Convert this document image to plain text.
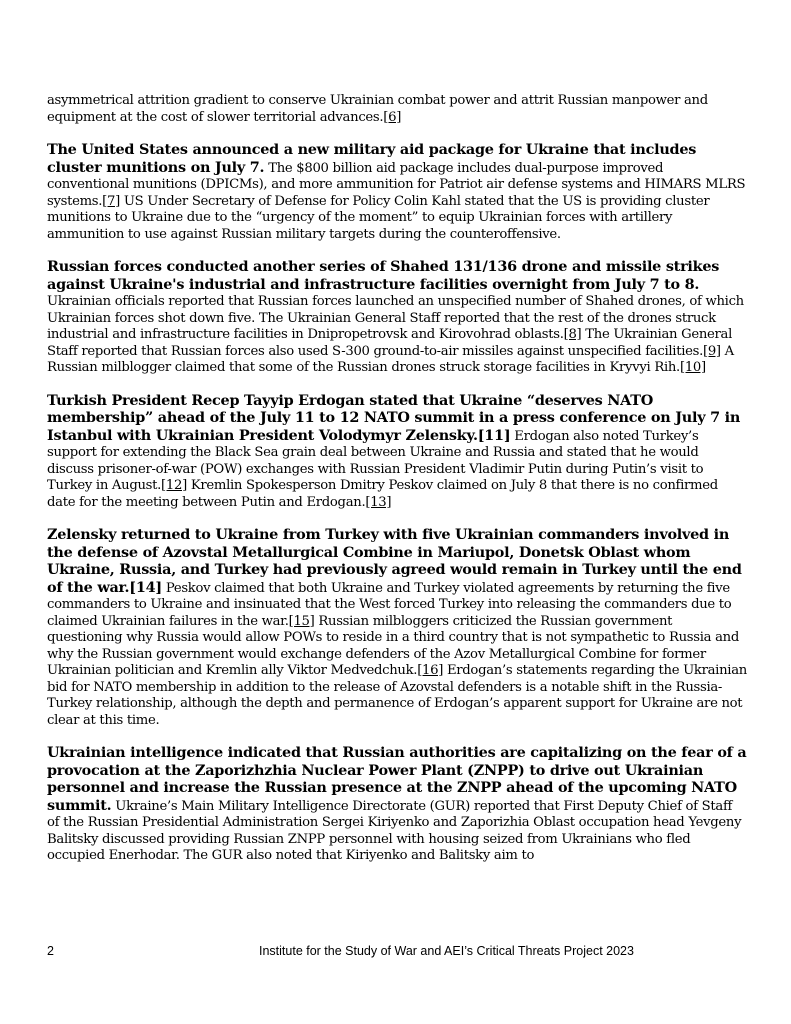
asymmetrical attrition gradient to conserve Ukrainian combat power and attrit Russian manpower and equipment at the cost of slower territorial advances.[6]

The United States announced a new military aid package for Ukraine that includes cluster munitions on July 7. The $800 billion aid package includes dual-purpose improved conventional munitions (DPICMs), and more ammunition for Patriot air defense systems and HIMARS MLRS systems.[7] US Under Secretary of Defense for Policy Colin Kahl stated that the US is providing cluster munitions to Ukraine due to the “urgency of the moment” to equip Ukrainian forces with artillery ammunition to use against Russian military targets during the counteroffensive.

Russian forces conducted another series of Shahed 131/136 drone and missile strikes against Ukraine's industrial and infrastructure facilities overnight from July 7 to 8. Ukrainian officials reported that Russian forces launched an unspecified number of Shahed drones, of which Ukrainian forces shot down five. The Ukrainian General Staff reported that the rest of the drones struck industrial and infrastructure facilities in Dnipropetrovsk and Kirovohrad oblasts.[8] The Ukrainian General Staff reported that Russian forces also used S-300 ground-to-air missiles against unspecified facilities.[9] A Russian milblogger claimed that some of the Russian drones struck storage facilities in Kryvyi Rih.[10]

Turkish President Recep Tayyip Erdogan stated that Ukraine “deserves NATO membership” ahead of the July 11 to 12 NATO summit in a press conference on July 7 in Istanbul with Ukrainian President Volodymyr Zelensky.[11] Erdogan also noted Turkey’s support for extending the Black Sea grain deal between Ukraine and Russia and stated that he would discuss prisoner-of-war (POW) exchanges with Russian President Vladimir Putin during Putin’s visit to Turkey in August.[12] Kremlin Spokesperson Dmitry Peskov claimed on July 8 that there is no confirmed date for the meeting between Putin and Erdogan.[13]

Zelensky returned to Ukraine from Turkey with five Ukrainian commanders involved in the defense of Azovstal Metallurgical Combine in Mariupol, Donetsk Oblast whom Ukraine, Russia, and Turkey had previously agreed would remain in Turkey until the end of the war.[14] Peskov claimed that both Ukraine and Turkey violated agreements by returning the five commanders to Ukraine and insinuated that the West forced Turkey into releasing the commanders due to claimed Ukrainian failures in the war.[15] Russian milbloggers criticized the Russian government questioning why Russia would allow POWs to reside in a third country that is not sympathetic to Russia and why the Russian government would exchange defenders of the Azov Metallurgical Combine for former Ukrainian politician and Kremlin ally Viktor Medvedchuk.[16] Erdogan’s statements regarding the Ukrainian bid for NATO membership in addition to the release of Azovstal defenders is a notable shift in the Russia-Turkey relationship, although the depth and permanence of Erdogan’s apparent support for Ukraine are not clear at this time.

Ukrainian intelligence indicated that Russian authorities are capitalizing on the fear of a provocation at the Zaporizhzhia Nuclear Power Plant (ZNPP) to drive out Ukrainian personnel and increase the Russian presence at the ZNPP ahead of the upcoming NATO summit. Ukraine’s Main Military Intelligence Directorate (GUR) reported that First Deputy Chief of Staff of the Russian Presidential Administration Sergei Kiriyenko and Zaporizhia Oblast occupation head Yevgeny Balitsky discussed providing Russian ZNPP personnel with housing seized from Ukrainians who fled occupied Enerhodar. The GUR also noted that Kiriyenko and Balitsky aim to

2	Institute for the Study of War and AEI’s Critical Threats Project 2023
